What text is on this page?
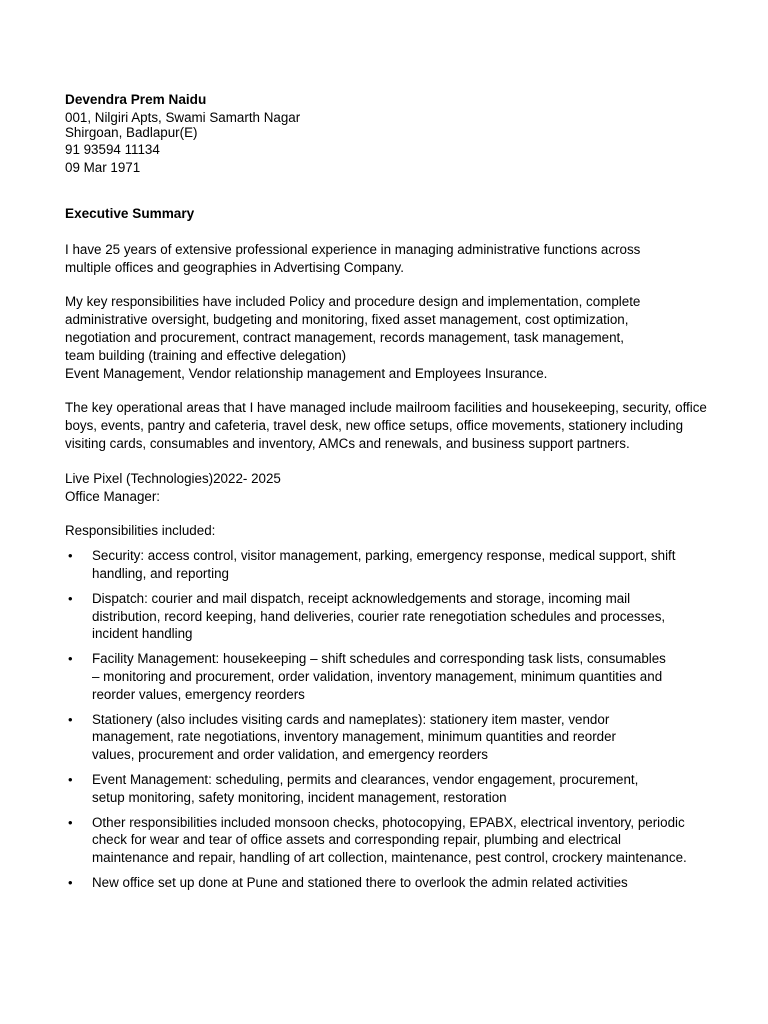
Devendra Prem Naidu
001, Nilgiri Apts, Swami Samarth Nagar
Shirgoan, Badlapur(E)
91 93594 11134
09 Mar 1971
Executive Summary

I have 25 years of extensive professional experience in managing administrative functions across multiple offices and geographies in Advertising Company.

My key responsibilities have included Policy and procedure design and implementation, complete
administrative oversight, budgeting and monitoring, fixed asset management, cost optimization,
negotiation and procurement, contract management, records management, task management,
team building (training and effective delegation)
Event Management, Vendor relationship management and Employees Insurance.

The key operational areas that I have managed include mailroom facilities and housekeeping, security, office boys, events, pantry and cafeteria, travel desk, new office setups, office movements, stationery including visiting cards, consumables and inventory, AMCs and renewals, and business support partners.

Live Pixel (Technologies)2022- 2025
Office Manager:
Responsibilities included:
• Security: access control, visitor management, parking, emergency response, medical support, shift handling, and reporting
• Dispatch: courier and mail dispatch, receipt acknowledgements and storage, incoming mail distribution, record keeping, hand deliveries, courier rate renegotiation schedules and processes, incident handling
• Facility Management: housekeeping – shift schedules and corresponding task lists, consumables – monitoring and procurement, order validation, inventory management, minimum quantities and reorder values, emergency reorders
• Stationery (also includes visiting cards and nameplates): stationery item master, vendor management, rate negotiations, inventory management, minimum quantities and reorder values, procurement and order validation, and emergency reorders
• Event Management: scheduling, permits and clearances, vendor engagement, procurement, setup monitoring, safety monitoring, incident management, restoration
• Other responsibilities included monsoon checks, photocopying, EPABX, electrical inventory, periodic check for wear and tear of office assets and corresponding repair, plumbing and electrical maintenance and repair, handling of art collection, maintenance, pest control, crockery maintenance.
• New office set up done at Pune and stationed there to overlook the admin related activities
